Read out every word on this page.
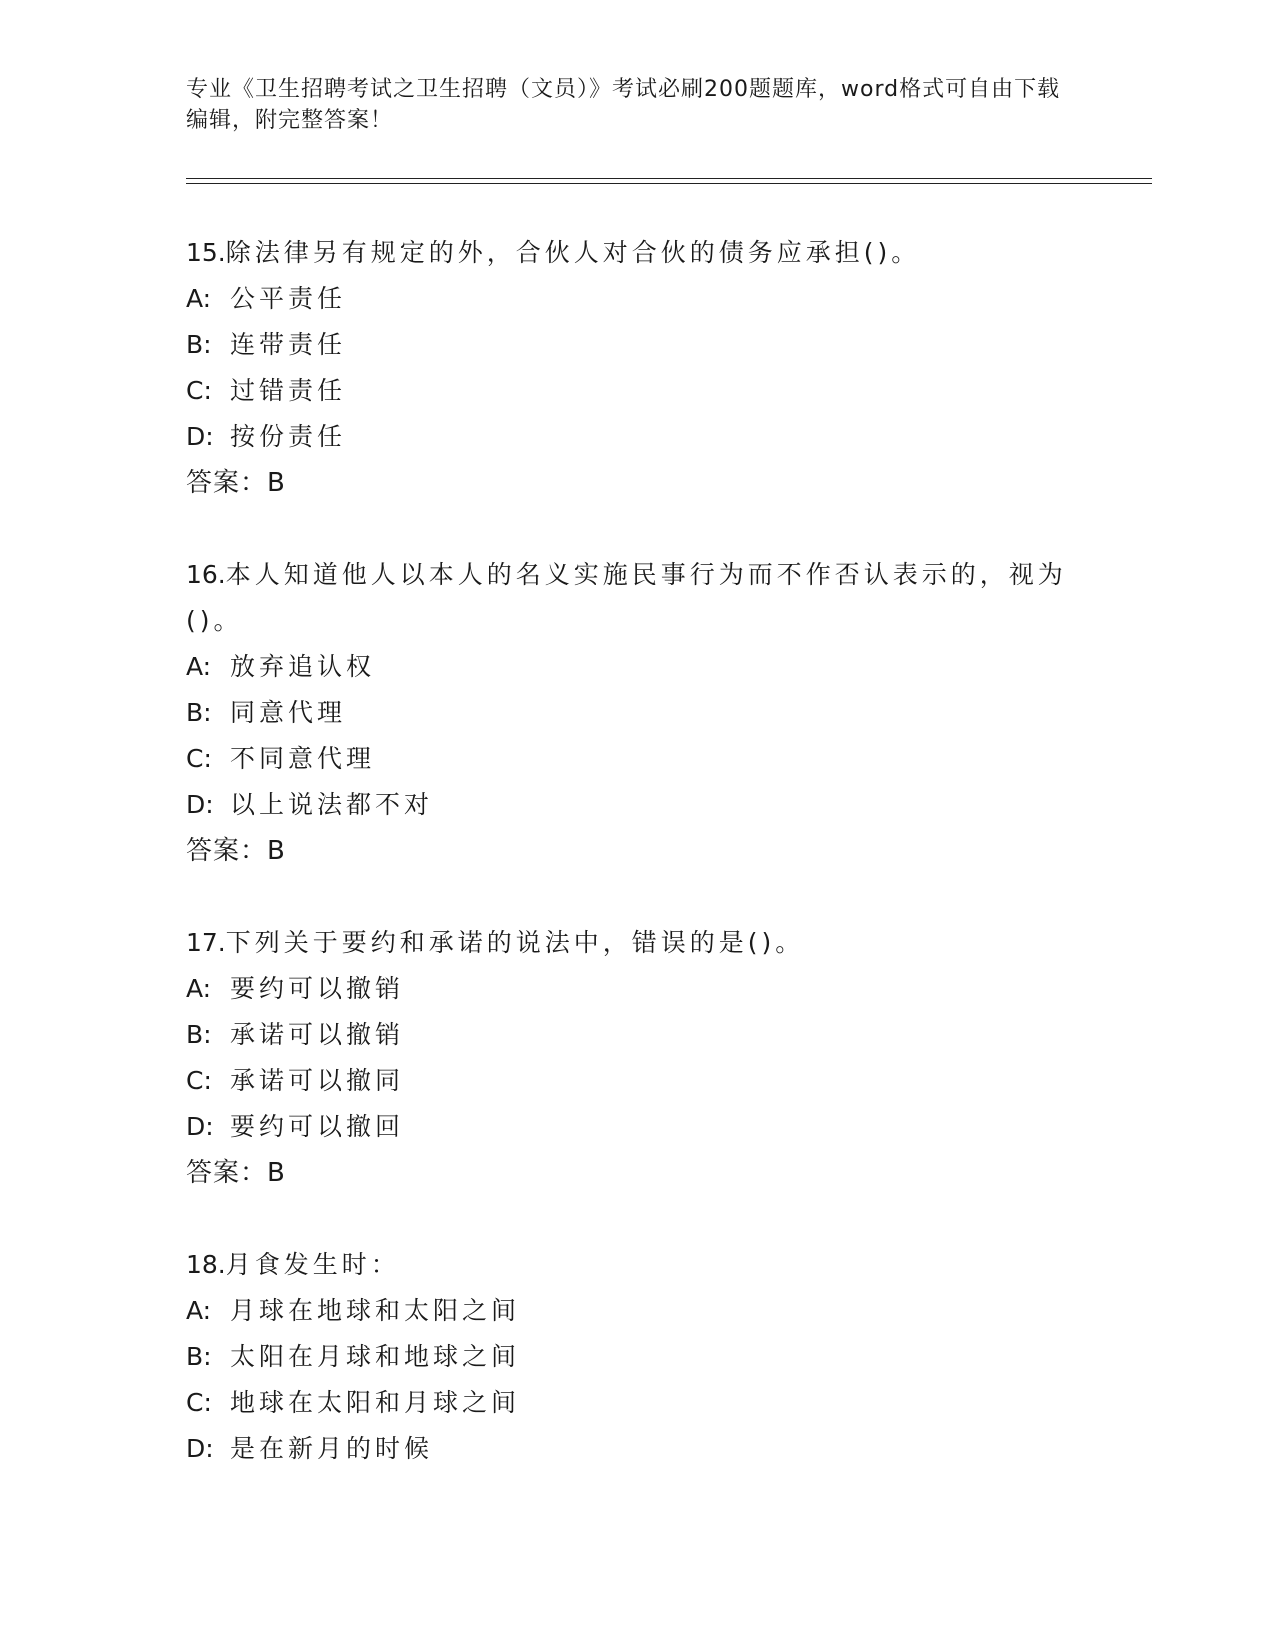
专业《卫生招聘考试之卫生招聘（文员）》考试必刷200题题库，word格式可自由下载编辑，附完整答案！
15.除法律另有规定的外，合伙人对合伙的债务应承担()。
A: 公平责任
B: 连带责任
C: 过错责任
D: 按份责任
答案：B
16.本人知道他人以本人的名义实施民事行为而不作否认表示的，视为()。
A: 放弃追认权
B: 同意代理
C: 不同意代理
D: 以上说法都不对
答案：B
17.下列关于要约和承诺的说法中，错误的是()。
A: 要约可以撤销
B: 承诺可以撤销
C: 承诺可以撤同
D: 要约可以撤回
答案：B
18.月食发生时：
A: 月球在地球和太阳之间
B: 太阳在月球和地球之间
C: 地球在太阳和月球之间
D: 是在新月的时候
